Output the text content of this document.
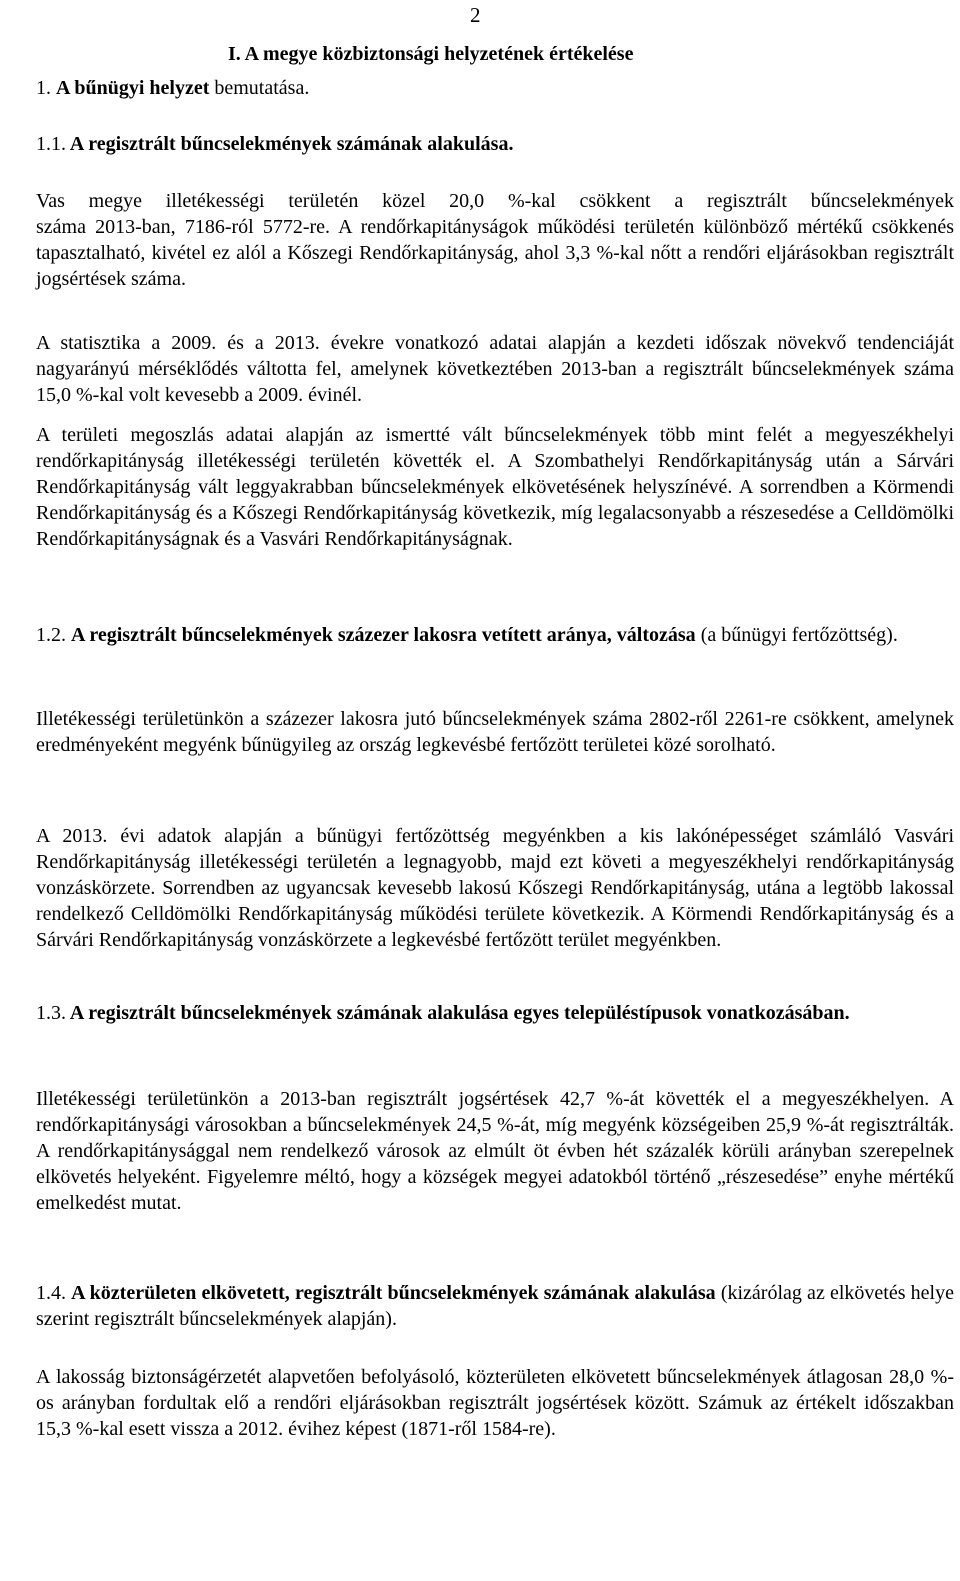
2
I. A megye közbiztonsági helyzetének értékelése

1. A bűnügyi helyzet bemutatása.

1.1. A regisztrált bűncselekmények számának alakulása.

Vas megye illetékességi területén közel 20,0 %-kal csökkent a regisztrált bűncselekmények

száma 2013-ban, 7186-ról 5772-re. A rendőrkapitányságok működési területén különböző mértékű csökkenés tapasztalható, kivétel ez alól a Kőszegi Rendőrkapitányság, ahol 3,3 %-kal nőtt a rendőri eljárásokban regisztrált jogsértések száma.

A statisztika a 2009. és a 2013. évekre vonatkozó adatai alapján a kezdeti időszak növekvő tendenciáját nagyarányú mérséklődés váltotta fel, amelynek következtében 2013-ban a regisztrált bűncselekmények száma 15,0 %-kal volt kevesebb a 2009. évinél.

A területi megoszlás adatai alapján az ismertté vált bűncselekmények több mint felét a megyeszékhelyi rendőrkapitányság illetékességi területén követték el. A Szombathelyi Rendőrkapitányság után a Sárvári Rendőrkapitányság vált leggyakrabban bűncselekmények elkövetésének helyszínévé. A sorrendben a Körmendi Rendőrkapitányság és a Kőszegi Rendőrkapitányság következik, míg legalacsonyabb a részesedése a Celldömölki Rendőrkapitányságnak és a Vasvári Rendőrkapitányságnak.

1.2. A regisztrált bűncselekmények százezer lakosra vetített aránya, változása (a bűnügyi fertőzöttség).

Illetékességi területünkön a százezer lakosra jutó bűncselekmények száma 2802-ről 2261-re csökkent, amelynek eredményeként megyénk bűnügyileg az ország legkevésbé fertőzött területei közé sorolható.

A 2013. évi adatok alapján a bűnügyi fertőzöttség megyénkben a kis lakónépességet számláló Vasvári Rendőrkapitányság illetékességi területén a legnagyobb, majd ezt követi a megyeszékhelyi rendőrkapitányság vonzáskörzete. Sorrendben az ugyancsak kevesebb lakosú Kőszegi Rendőrkapitányság, utána a legtöbb lakossal rendelkező Celldömölki Rendőrkapitányság működési területe következik. A Körmendi Rendőrkapitányság és a Sárvári Rendőrkapitányság vonzáskörzete a legkevésbé fertőzött terület megyénkben.

1.3. A regisztrált bűncselekmények számának alakulása egyes településtípusok vonatkozásában.

Illetékességi területünkön a 2013-ban regisztrált jogsértések 42,7 %-át követték el a megyeszékhelyen. A rendőrkapitánysági városokban a bűncselekmények 24,5 %-át, míg megyénk községeiben 25,9 %-át regisztrálták. A rendőrkapitánysággal nem rendelkező városok az elmúlt öt évben hét százalék körüli arányban szerepelnek elkövetés helyeként. Figyelemre méltó, hogy a községek megyei adatokból történő „részesedése” enyhe mértékű emelkedést mutat.

1.4. A közterületen elkövetett, regisztrált bűncselekmények számának alakulása (kizárólag az elkövetés helye szerint regisztrált bűncselekmények alapján).

A lakosság biztonságérzetét alapvetően befolyásoló, közterületen elkövetett bűncselekmények átlagosan 28,0 %-os arányban fordultak elő a rendőri eljárásokban regisztrált jogsértések között. Számuk az értékelt időszakban 15,3 %-kal esett vissza a 2012. évihez képest (1871-ről 1584-re).
